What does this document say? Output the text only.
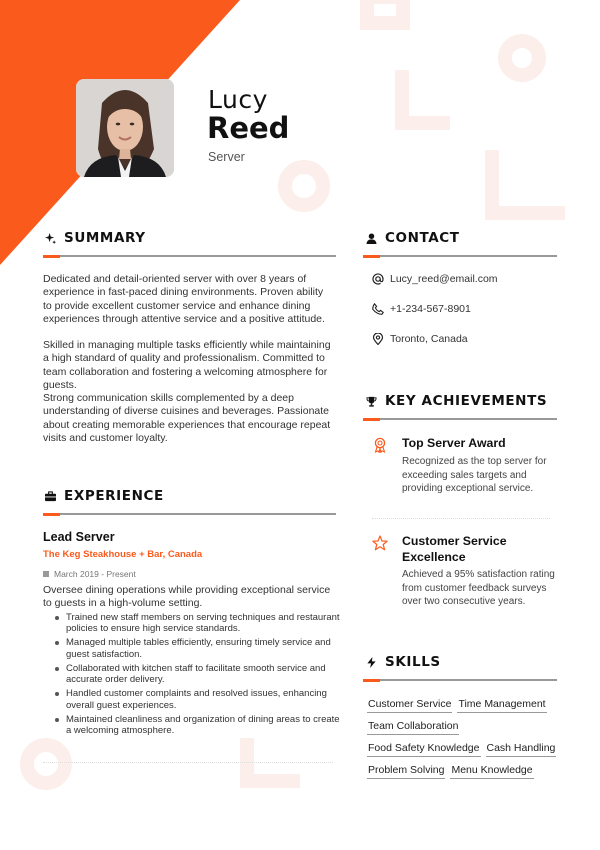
Lucy
Reed
Server
SUMMARY
Dedicated and detail-oriented server with over 8 years of experience in fast-paced dining environments. Proven ability to provide excellent customer service and enhance dining experiences through attentive service and a positive attitude.
Skilled in managing multiple tasks efficiently while maintaining a high standard of quality and professionalism. Committed to team collaboration and fostering a welcoming atmosphere for guests.
Strong communication skills complemented by a deep understanding of diverse cuisines and beverages. Passionate about creating memorable experiences that encourage repeat visits and customer loyalty.
EXPERIENCE
Lead Server
The Keg Steakhouse + Bar, Canada
March 2019 - Present
Oversee dining operations while providing exceptional service to guests in a high-volume setting.
Trained new staff members on serving techniques and restaurant policies to ensure high service standards.
Managed multiple tables efficiently, ensuring timely service and guest satisfaction.
Collaborated with kitchen staff to facilitate smooth service and accurate order delivery.
Handled customer complaints and resolved issues, enhancing overall guest experiences.
Maintained cleanliness and organization of dining areas to create a welcoming atmosphere.
CONTACT
Lucy_reed@email.com
+1-234-567-8901
Toronto, Canada
KEY ACHIEVEMENTS
Top Server Award
Recognized as the top server for exceeding sales targets and providing exceptional service.
Customer Service Excellence
Achieved a 95% satisfaction rating from customer feedback surveys over two consecutive years.
SKILLS
Customer Service Time Management
Team Collaboration
Food Safety Knowledge Cash Handling
Problem Solving Menu Knowledge
